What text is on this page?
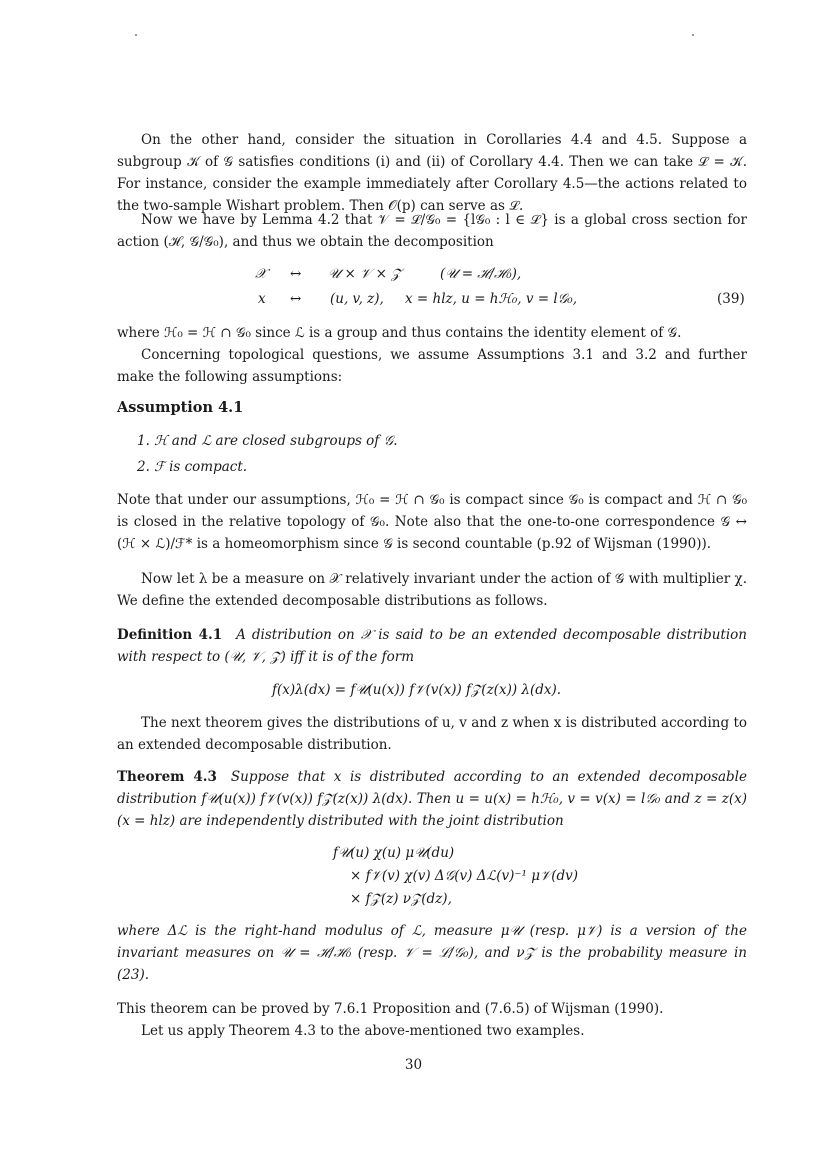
On the other hand, consider the situation in Corollaries 4.4 and 4.5. Suppose a subgroup 𝒦 of 𝒢 satisfies conditions (i) and (ii) of Corollary 4.4. Then we can take ℒ = 𝒦. For instance, consider the example immediately after Corollary 4.5—the actions related to the two-sample Wishart problem. Then 𝒪(p) can serve as ℒ.

Now we have by Lemma 4.2 that 𝒱 = ℒ/𝒢₀ = {l𝒢₀ : l ∈ ℒ} is a global cross section for action (ℋ, 𝒢/𝒢₀), and thus we obtain the decomposition

𝒳 ↔ 𝒰 × 𝒱 × 𝒵	(𝒰 = ℋ/ℋ₀),
x ↔ (u, v, z), x = hlz, u = hℋ₀, v = l𝒢₀,	(39)

where ℋ₀ = ℋ ∩ 𝒢₀ since ℒ is a group and thus contains the identity element of 𝒢.

Concerning topological questions, we assume Assumptions 3.1 and 3.2 and further make the following assumptions:

Assumption 4.1

1. ℋ and ℒ are closed subgroups of 𝒢.
2. ℱ is compact.

Note that under our assumptions, ℋ₀ = ℋ ∩ 𝒢₀ is compact since 𝒢₀ is compact and ℋ ∩ 𝒢₀ is closed in the relative topology of 𝒢₀. Note also that the one-to-one correspondence 𝒢 ↔ (ℋ × ℒ)/ℱ* is a homeomorphism since 𝒢 is second countable (p.92 of Wijsman (1990)).

Now let λ be a measure on 𝒳 relatively invariant under the action of 𝒢 with multiplier χ. We define the extended decomposable distributions as follows.

Definition 4.1 A distribution on 𝒳 is said to be an extended decomposable distribution with respect to (𝒰, 𝒱, 𝒵) iff it is of the form

f(x)λ(dx) = f𝒰(u(x)) f𝒱(v(x)) f𝒵(z(x)) λ(dx).

The next theorem gives the distributions of u, v and z when x is distributed according to an extended decomposable distribution.

Theorem 4.3 Suppose that x is distributed according to an extended decomposable distribution f𝒰(u(x)) f𝒱(v(x)) f𝒵(z(x)) λ(dx). Then u = u(x) = hℋ₀, v = v(x) = l𝒢₀ and z = z(x) (x = hlz) are independently distributed with the joint distribution

f𝒰(u) χ(u) μ𝒰(du)
× f𝒱(v) χ(v) Δ𝒢(v) Δℒ(v)⁻¹ μ𝒱(dv)
× f𝒵(z) ν𝒵(dz),

where Δℒ is the right-hand modulus of ℒ, measure μ𝒰 (resp. μ𝒱) is a version of the invariant measures on 𝒰 = ℋ/ℋ₀ (resp. 𝒱 = ℒ/𝒢₀), and ν𝒵 is the probability measure in (23).

This theorem can be proved by 7.6.1 Proposition and (7.6.5) of Wijsman (1990).

Let us apply Theorem 4.3 to the above-mentioned two examples.

30
